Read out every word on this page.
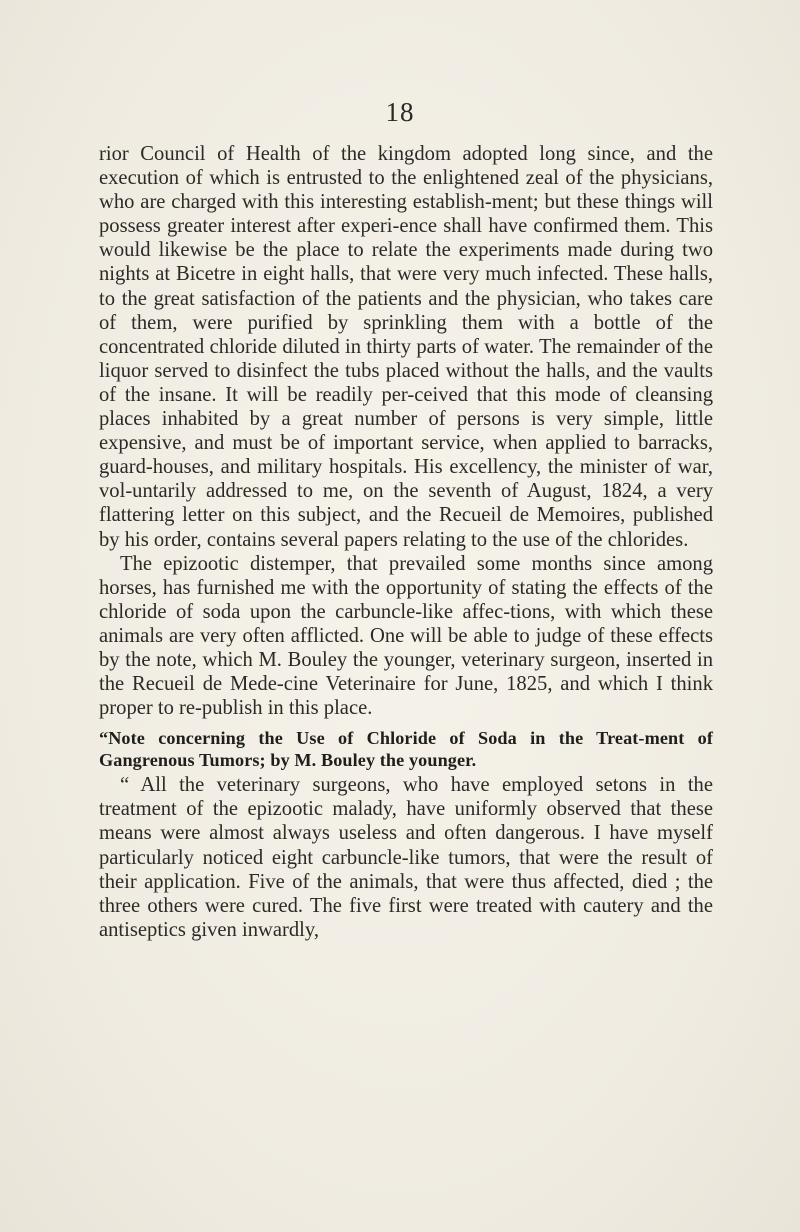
18

rior Council of Health of the kingdom adopted long since, and the execution of which is entrusted to the enlightened zeal of the physicians, who are charged with this interesting establish-ment; but these things will possess greater interest after experi-ence shall have confirmed them. This would likewise be the place to relate the experiments made during two nights at Bicetre in eight halls, that were very much infected. These halls, to the great satisfaction of the patients and the physician, who takes care of them, were purified by sprinkling them with a bottle of the concentrated chloride diluted in thirty parts of water. The remainder of the liquor served to disinfect the tubs placed without the halls, and the vaults of the insane. It will be readily per-ceived that this mode of cleansing places inhabited by a great number of persons is very simple, little expensive, and must be of important service, when applied to barracks, guard-houses, and military hospitals. His excellency, the minister of war, vol-untarily addressed to me, on the seventh of August, 1824, a very flattering letter on this subject, and the Recueil de Memoires, published by his order, contains several papers relating to the use of the chlorides.

The epizootic distemper, that prevailed some months since among horses, has furnished me with the opportunity of stating the effects of the chloride of soda upon the carbuncle-like affec-tions, with which these animals are very often afflicted. One will be able to judge of these effects by the note, which M. Bouley the younger, veterinary surgeon, inserted in the Recueil de Mede-cine Veterinaire for June, 1825, and which I think proper to re-publish in this place.

“Note concerning the Use of Chloride of Soda in the Treat-ment of Gangrenous Tumors; by M. Bouley the younger.

“ All the veterinary surgeons, who have employed setons in the treatment of the epizootic malady, have uniformly observed that these means were almost always useless and often dangerous. I have myself particularly noticed eight carbuncle-like tumors, that were the result of their application. Five of the animals, that were thus affected, died ; the three others were cured. The five first were treated with cautery and the antiseptics given inwardly,
